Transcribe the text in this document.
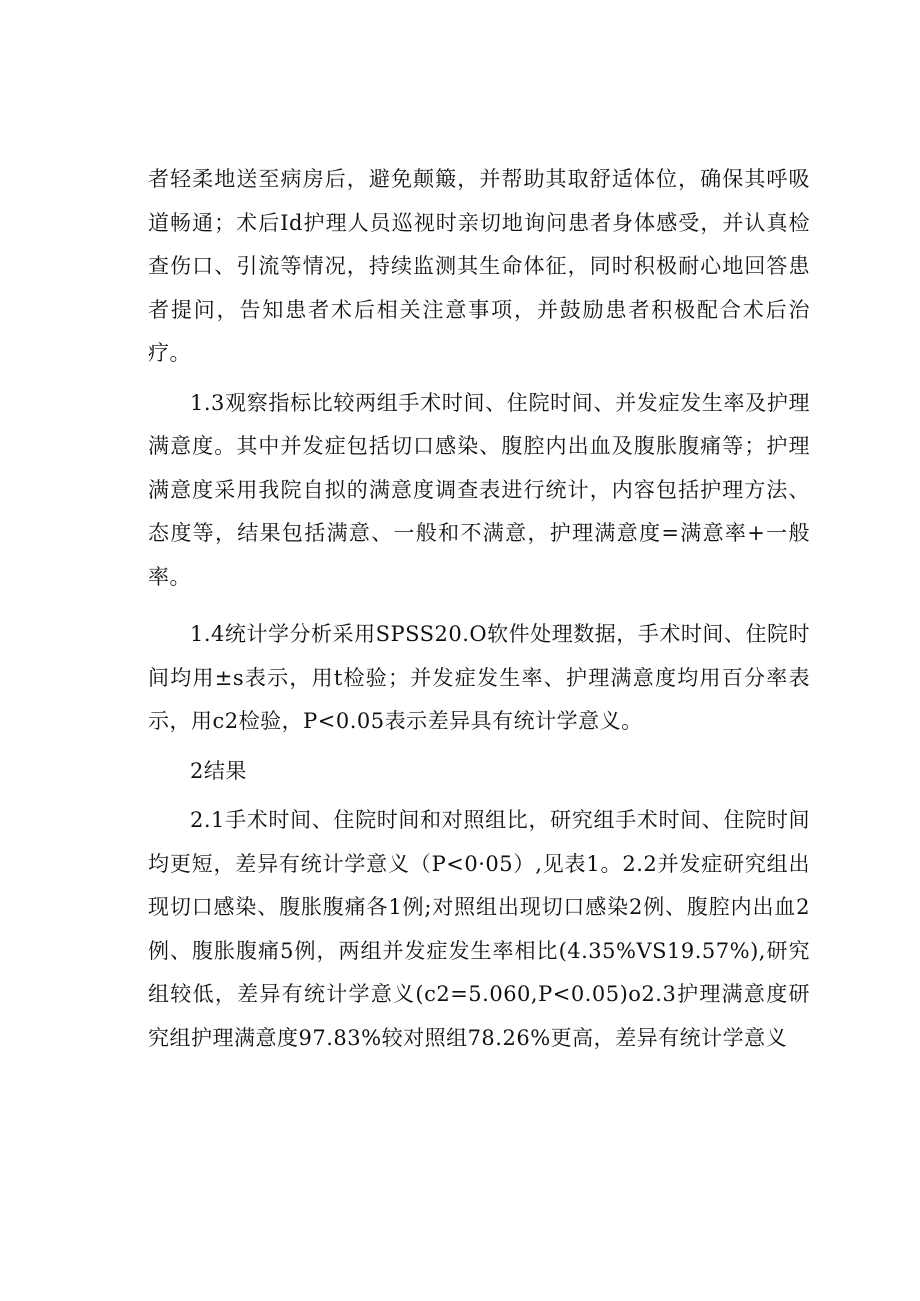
者轻柔地送至病房后，避免颠簸，并帮助其取舒适体位，确保其呼吸道畅通；术后Id护理人员巡视时亲切地询问患者身体感受，并认真检查伤口、引流等情况，持续监测其生命体征，同时积极耐心地回答患者提问，告知患者术后相关注意事项，并鼓励患者积极配合术后治疗。

1.3观察指标比较两组手术时间、住院时间、并发症发生率及护理满意度。其中并发症包括切口感染、腹腔内出血及腹胀腹痛等；护理满意度采用我院自拟的满意度调查表进行统计，内容包括护理方法、态度等，结果包括满意、一般和不满意，护理满意度=满意率+一般率。

1.4统计学分析采用SPSS20.O软件处理数据，手术时间、住院时间均用±s表示，用t检验；并发症发生率、护理满意度均用百分率表示，用c2检验，P<0.05表示差异具有统计学意义。

2结果

2.1手术时间、住院时间和对照组比，研究组手术时间、住院时间均更短，差异有统计学意义（P<0·05）,见表1。2.2并发症研究组出现切口感染、腹胀腹痛各1例;对照组出现切口感染2例、腹腔内出血2例、腹胀腹痛5例，两组并发症发生率相比(4.35%VS19.57%),研究组较低，差异有统计学意义(c2=5.060,P<0.05)o2.3护理满意度研究组护理满意度97.83%较对照组78.26%更高，差异有统计学意义
